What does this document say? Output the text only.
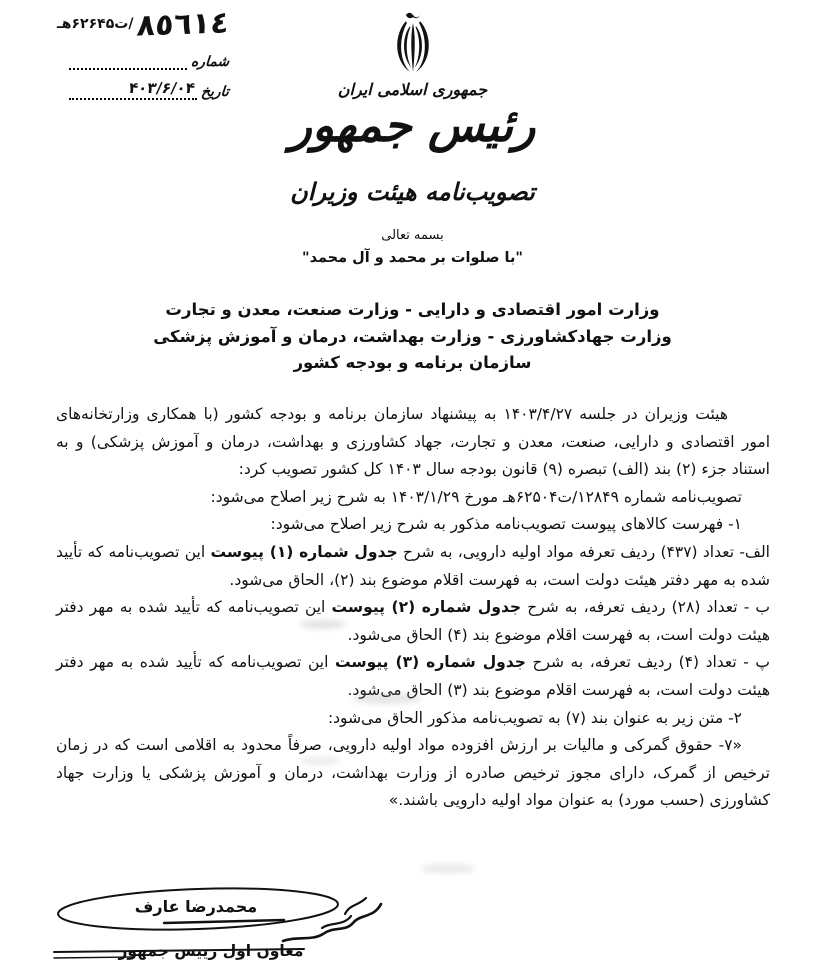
٨٥٦١٤
/ت۶۲۶۴۵هـ
شماره
تاریخ
۴۰۳/۶/۰۴	جمهوری اسلامی ایران
رئیس جمهور
تصویب‌نامه هیئت وزیران
بسمه تعالی
"با صلوات بر محمد و آل محمد"
وزارت امور اقتصادی و دارایی - وزارت صنعت، معدن و تجارت
وزارت جهادکشاورزی - وزارت بهداشت، درمان و آموزش پزشکی
سازمان برنامه و بودجه کشور

هیئت وزیران در جلسه ۱۴۰۳/۴/۲۷ به پیشنهاد سازمان برنامه و بودجه کشور (با همکاری وزارتخانه‌های امور اقتصادی و دارایی، صنعت، معدن و تجارت، جهاد کشاورزی و بهداشت، درمان و آموزش پزشکی) و به استناد جزء (۲) بند (الف) تبصره (۹) قانون بودجه سال ۱۴۰۳ کل کشور تصویب کرد:

تصویب‌نامه شماره ۱۲۸۴۹/ت۶۲۵۰۴هـ مورخ ۱۴۰۳/۱/۲۹ به شرح زیر اصلاح می‌شود:

۱- فهرست کالاهای پیوست تصویب‌نامه مذکور به شرح زیر اصلاح می‌شود:

الف- تعداد (۴۳۷) ردیف تعرفه مواد اولیه دارویی، به شرح جدول شماره (۱) پیوست این تصویب‌نامه که تأیید شده به مهر دفتر هیئت دولت است، به فهرست اقلام موضوع بند (۲)، الحاق می‌شود.

ب - تعداد (۲۸) ردیف تعرفه، به شرح جدول شماره (۲) پیوست این تصویب‌نامه که تأیید شده به مهر دفتر هیئت دولت است، به فهرست اقلام موضوع بند (۴) الحاق می‌شود.

پ - تعداد (۴) ردیف تعرفه، به شرح جدول شماره (۳) پیوست این تصویب‌نامه که تأیید شده به مهر دفتر هیئت دولت است، به فهرست اقلام موضوع بند (۳) الحاق می‌شود.

۲- متن زیر به عنوان بند (۷) به تصویب‌نامه مذکور الحاق می‌شود:

«۷- حقوق گمرکی و مالیات بر ارزش افزوده مواد اولیه دارویی، صرفاً محدود به اقلامی است که در زمان ترخیص از گمرک، دارای مجوز ترخیص صادره از وزارت بهداشت، درمان و آموزش پزشکی یا وزارت جهاد کشاورزی (حسب مورد) به عنوان مواد اولیه دارویی باشند.»

محمدرضا عارف
معاون اول رییس جمهور
